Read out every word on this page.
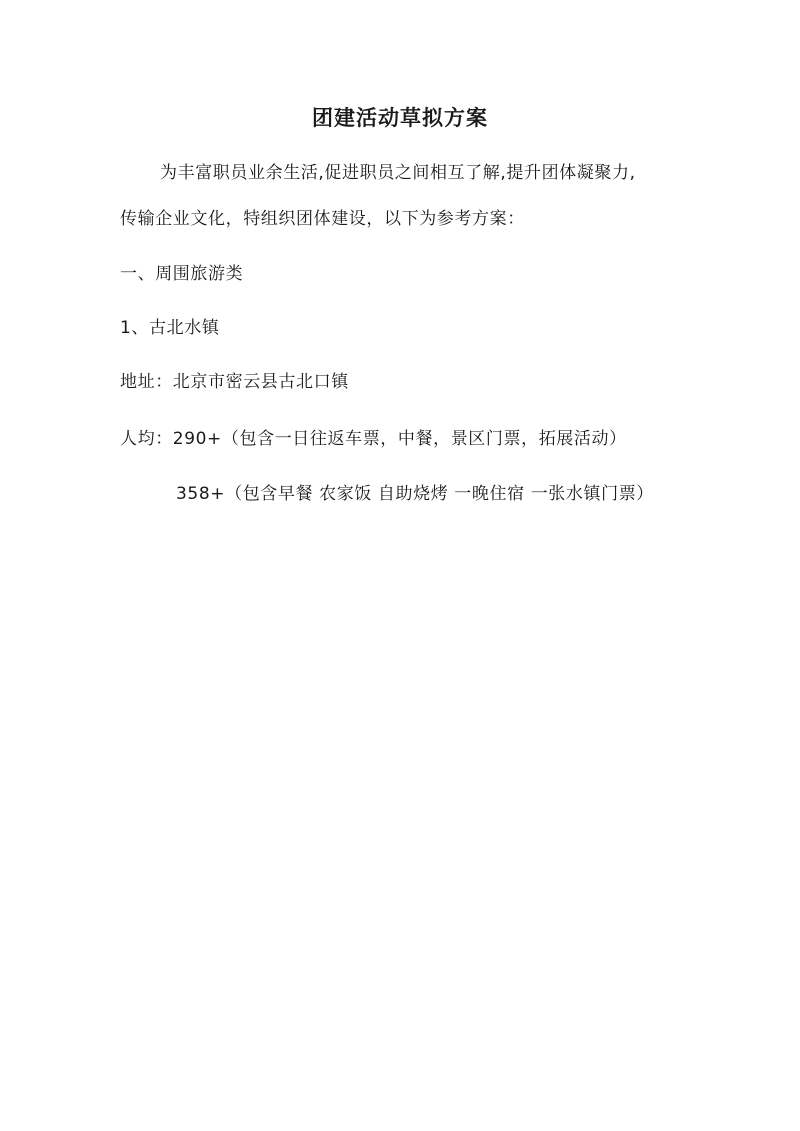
团建活动草拟方案
为丰富职员业余生活,促进职员之间相互了解,提升团体凝聚力,
传输企业文化，特组织团体建设，以下为参考方案：
一、周围旅游类
1、古北水镇
地址：北京市密云县古北口镇
人均：290+（包含一日往返车票，中餐，景区门票，拓展活动）
358+（包含早餐 农家饭 自助烧烤 一晚住宿 一张水镇门票）
